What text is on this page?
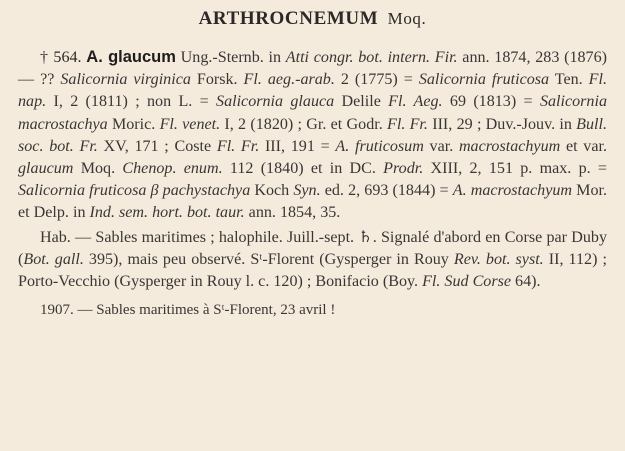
ARTHROCNEMUM Moq.

† 564. A. glaucum Ung.-Sternb. in Atti congr. bot. intern. Fir. ann. 1874, 283 (1876) — ?? Salicornia virginica Forsk. Fl. aeg.-arab. 2 (1775) = Salicornia fruticosa Ten. Fl. nap. I, 2 (1811) ; non L. = Salicornia glauca Delile Fl. Aeg. 69 (1813) = Salicornia macrostachya Moric. Fl. venet. I, 2 (1820) ; Gr. et Godr. Fl. Fr. III, 29 ; Duv.-Jouv. in Bull. soc. bot. Fr. XV, 171 ; Coste Fl. Fr. III, 191 = A. fruticosum var. macrostachyum et var. glaucum Moq. Chenop. enum. 112 (1840) et in DC. Prodr. XIII, 2, 151 p. max. p. = Salicornia fruticosa β pachystachya Koch Syn. ed. 2, 693 (1844) = A. macrostachyum Mor. et Delp. in Ind. sem. hort. bot. taur. ann. 1854, 35.

Hab. — Sables maritimes ; halophile. Juill.-sept. ♄. Signalé d'abord en Corse par Duby (Bot. gall. 395), mais peu observé. Sᵗ-Florent (Gysperger in Rouy Rev. bot. syst. II, 112) ; Porto-Vecchio (Gysperger in Rouy l. c. 120) ; Bonifacio (Boy. Fl. Sud Corse 64).

1907. — Sables maritimes à Sᵗ-Florent, 23 avril !
